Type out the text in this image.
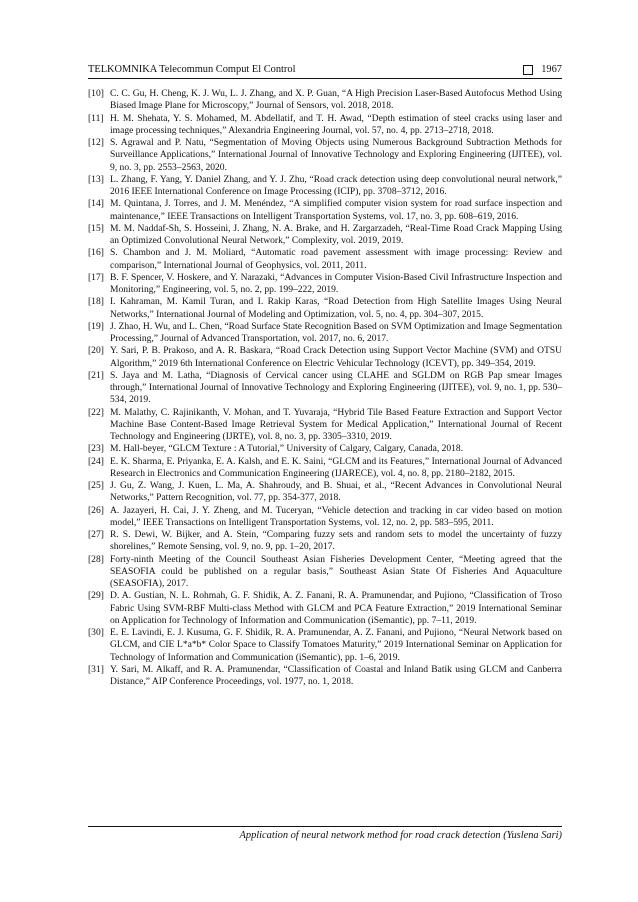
TELKOMNIKA Telecommun Comput El Control	1967
[10] C. C. Gu, H. Cheng, K. J. Wu, L. J. Zhang, and X. P. Guan, “A High Precision Laser-Based Autofocus Method Using Biased Image Plane for Microscopy,” Journal of Sensors, vol. 2018, 2018.
[11] H. M. Shehata, Y. S. Mohamed, M. Abdellatif, and T. H. Awad, “Depth estimation of steel cracks using laser and image processing techniques,” Alexandria Engineering Journal, vol. 57, no. 4, pp. 2713–2718, 2018.
[12] S. Agrawal and P. Natu, “Segmentation of Moving Objects using Numerous Background Subtraction Methods for Surveillance Applications,” International Journal of Innovative Technology and Exploring Engineering (IJITEE), vol. 9, no. 3, pp. 2553–2563, 2020.
[13] L. Zhang, F. Yang, Y. Daniel Zhang, and Y. J. Zhu, “Road crack detection using deep convolutional neural network,” 2016 IEEE International Conference on Image Processing (ICIP), pp. 3708–3712, 2016.
[14] M. Quintana, J. Torres, and J. M. Menéndez, “A simplified computer vision system for road surface inspection and maintenance,” IEEE Transactions on Intelligent Transportation Systems, vol. 17, no. 3, pp. 608–619, 2016.
[15] M. M. Naddaf-Sh, S. Hosseini, J. Zhang, N. A. Brake, and H. Zargarzadeh, “Real-Time Road Crack Mapping Using an Optimized Convolutional Neural Network,” Complexity, vol. 2019, 2019.
[16] S. Chambon and J. M. Moliard, “Automatic road pavement assessment with image processing: Review and comparison,” International Journal of Geophysics, vol. 2011, 2011.
[17] B. F. Spencer, V. Hoskere, and Y. Narazaki, “Advances in Computer Vision-Based Civil Infrastructure Inspection and Monitoring,” Engineering, vol. 5, no. 2, pp. 199–222, 2019.
[18] I. Kahraman, M. Kamil Turan, and I. Rakip Karas, “Road Detection from High Satellite Images Using Neural Networks,” International Journal of Modeling and Optimization, vol. 5, no. 4, pp. 304–307, 2015.
[19] J. Zhao, H. Wu, and L. Chen, “Road Surface State Recognition Based on SVM Optimization and Image Segmentation Processing,” Journal of Advanced Transportation, vol. 2017, no. 6, 2017.
[20] Y. Sari, P. B. Prakoso, and A. R. Baskara, “Road Crack Detection using Support Vector Machine (SVM) and OTSU Algorithm,” 2019 6th International Conference on Electric Vehicular Technology (ICEVT), pp. 349–354, 2019.
[21] S. Jaya and M. Latha, “Diagnosis of Cervical cancer using CLAHE and SGLDM on RGB Pap smear Images through,” International Journal of Innovative Technology and Exploring Engineering (IJITEE), vol. 9, no. 1, pp. 530–534, 2019.
[22] M. Malathy, C. Rajinikanth, V. Mohan, and T. Yuvaraja, “Hybrid Tile Based Feature Extraction and Support Vector Machine Base Content-Based Image Retrieval System for Medical Application,” International Journal of Recent Technology and Engineering (IJRTE), vol. 8, no. 3, pp. 3305–3310, 2019.
[23] M. Hall-beyer, “GLCM Texture : A Tutorial,” University of Calgary, Calgary, Canada, 2018.
[24] E. K. Sharma, E. Priyanka, E. A. Kalsh, and E. K. Saini, “GLCM and its Features,” International Journal of Advanced Research in Electronics and Communication Engineering (IJARECE), vol. 4, no. 8, pp. 2180–2182, 2015.
[25] J. Gu, Z. Wang, J. Kuen, L. Ma, A. Shahroudy, and B. Shuai, et al., “Recent Advances in Convolutional Neural Networks,” Pattern Recognition, vol. 77, pp. 354-377, 2018.
[26] A. Jazayeri, H. Cai, J. Y. Zheng, and M. Tuceryan, “Vehicle detection and tracking in car video based on motion model,” IEEE Transactions on Intelligent Transportation Systems, vol. 12, no. 2, pp. 583–595, 2011.
[27] R. S. Dewi, W. Bijker, and A. Stein, “Comparing fuzzy sets and random sets to model the uncertainty of fuzzy shorelines,” Remote Sensing, vol. 9, no. 9, pp. 1–20, 2017.
[28] Forty-ninth Meeting of the Council Southeast Asian Fisheries Development Center, “Meeting agreed that the SEASOFIA could be published on a regular basis,” Southeast Asian State Of Fisheries And Aquaculture (SEASOFIA), 2017.
[29] D. A. Gustian, N. L. Rohmah, G. F. Shidik, A. Z. Fanani, R. A. Pramunendar, and Pujiono, “Classification of Troso Fabric Using SVM-RBF Multi-class Method with GLCM and PCA Feature Extraction,” 2019 International Seminar on Application for Technology of Information and Communication (iSemantic), pp. 7–11, 2019.
[30] E. E. Lavindi, E. J. Kusuma, G. F. Shidik, R. A. Pramunendar, A. Z. Fanani, and Pujiono, “Neural Network based on GLCM, and CIE L*a*b* Color Space to Classify Tomatoes Maturity,” 2019 International Seminar on Application for Technology of Information and Communication (iSemantic), pp. 1–6, 2019.
[31] Y. Sari, M. Alkaff, and R. A. Pramunendar, “Classification of Coastal and Inland Batik using GLCM and Canberra Distance,” AIP Conference Proceedings, vol. 1977, no. 1, 2018.
Application of neural network method for road crack detection (Yuslena Sari)
